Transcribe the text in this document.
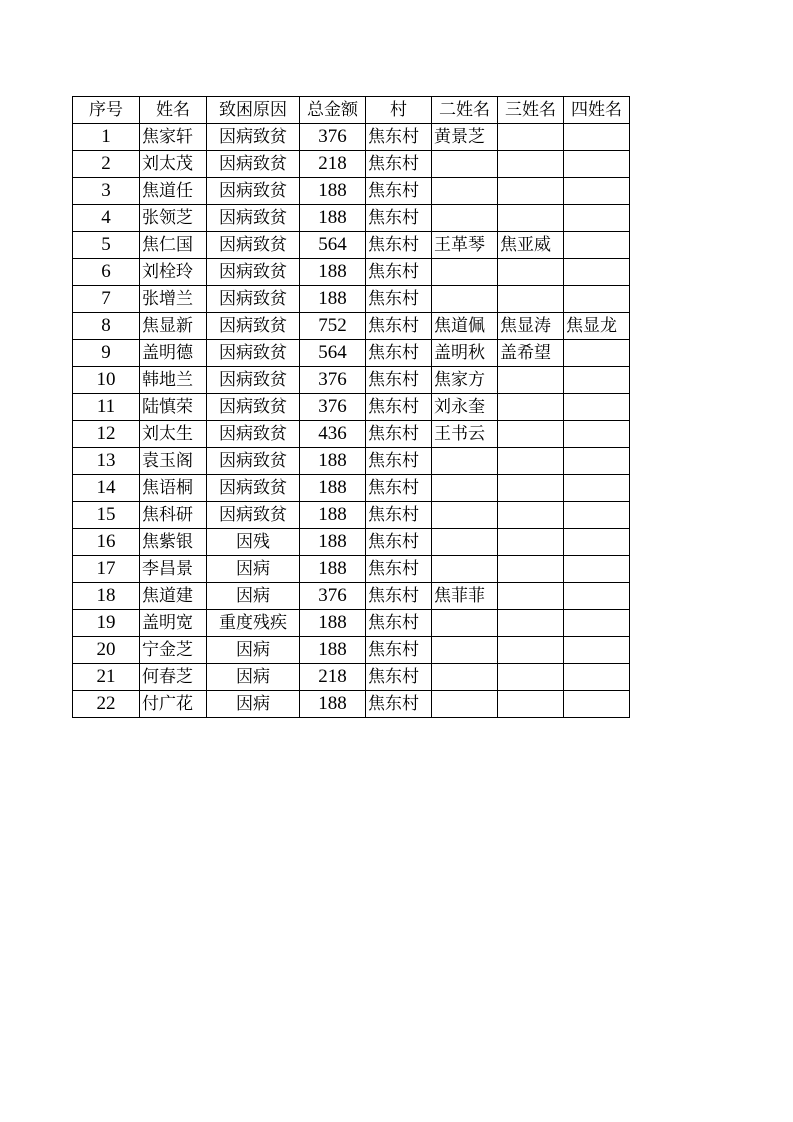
序号	姓名	致困原因	总金额	村	二姓名	三姓名	四姓名
1	焦家轩	因病致贫	376	焦东村	黄景芝		
2	刘太茂	因病致贫	218	焦东村			
3	焦道任	因病致贫	188	焦东村			
4	张领芝	因病致贫	188	焦东村			
5	焦仁国	因病致贫	564	焦东村	王革琴	焦亚威	
6	刘栓玲	因病致贫	188	焦东村			
7	张增兰	因病致贫	188	焦东村			
8	焦显新	因病致贫	752	焦东村	焦道佩	焦显涛	焦显龙
9	盖明德	因病致贫	564	焦东村	盖明秋	盖希望	
10	韩地兰	因病致贫	376	焦东村	焦家方		
11	陆慎荣	因病致贫	376	焦东村	刘永奎		
12	刘太生	因病致贫	436	焦东村	王书云		
13	袁玉阁	因病致贫	188	焦东村			
14	焦语桐	因病致贫	188	焦东村			
15	焦科研	因病致贫	188	焦东村			
16	焦紫银	因残	188	焦东村			
17	李昌景	因病	188	焦东村			
18	焦道建	因病	376	焦东村	焦菲菲		
19	盖明宽	重度残疾	188	焦东村			
20	宁金芝	因病	188	焦东村			
21	何春芝	因病	218	焦东村			
22	付广花	因病	188	焦东村			
